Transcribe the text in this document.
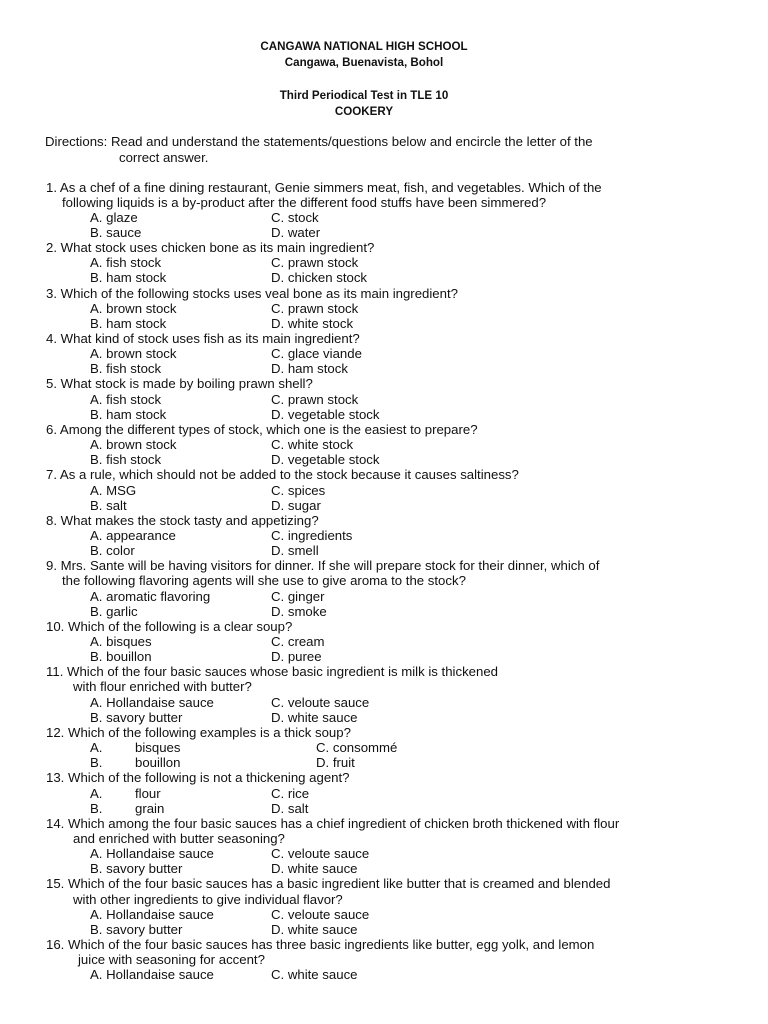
CANGAWA NATIONAL HIGH SCHOOL
Cangawa, Buenavista, Bohol
Third Periodical Test in TLE 10
COOKERY
Directions: Read and understand the statements/questions below and encircle the letter of the
correct answer.
1. As a chef of a fine dining restaurant, Genie simmers meat, fish, and vegetables. Which of the
following liquids is a by-product after the different food stuffs have been simmered?
A. glaze	C. stock
B. sauce	D. water
2. What stock uses chicken bone as its main ingredient?
A. fish stock	C. prawn stock
B. ham stock	D. chicken stock
3. Which of the following stocks uses veal bone as its main ingredient?
A. brown stock	C. prawn stock
B. ham stock	D. white stock
4. What kind of stock uses fish as its main ingredient?
A. brown stock	C. glace viande
B. fish stock	D. ham stock
5. What stock is made by boiling prawn shell?
A. fish stock	C. prawn stock
B. ham stock	D. vegetable stock
6. Among the different types of stock, which one is the easiest to prepare?
A. brown stock	C. white stock
B. fish stock	D. vegetable stock
7. As a rule, which should not be added to the stock because it causes saltiness?
A. MSG	C. spices
B. salt	D. sugar
8. What makes the stock tasty and appetizing?
A. appearance	C. ingredients
B. color	D. smell
9. Mrs. Sante will be having visitors for dinner. If she will prepare stock for their dinner, which of
the following flavoring agents will she use to give aroma to the stock?
A. aromatic flavoring	C. ginger
B. garlic	D. smoke
10. Which of the following is a clear soup?
A. bisques	C. cream
B. bouillon	D. puree
11. Which of the four basic sauces whose basic ingredient is milk is thickened
with flour enriched with butter?
A. Hollandaise sauce	C. veloute sauce
B. savory butter	D. white sauce
12. Which of the following examples is a thick soup?
A. bisques	C. consommé
B. bouillon	D. fruit
13. Which of the following is not a thickening agent?
A. flour	C. rice
B. grain	D. salt
14. Which among the four basic sauces has a chief ingredient of chicken broth thickened with flour
and enriched with butter seasoning?
A. Hollandaise sauce	C. veloute sauce
B. savory butter	D. white sauce
15. Which of the four basic sauces has a basic ingredient like butter that is creamed and blended
with other ingredients to give individual flavor?
A. Hollandaise sauce	C. veloute sauce
B. savory butter	D. white sauce
16. Which of the four basic sauces has three basic ingredients like butter, egg yolk, and lemon
juice with seasoning for accent?
A. Hollandaise sauce	C. white sauce
